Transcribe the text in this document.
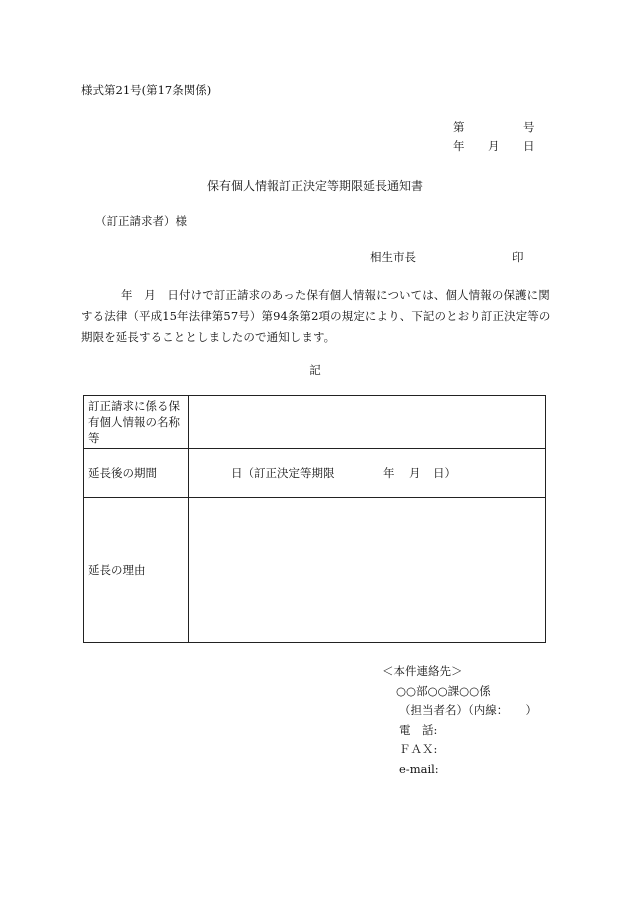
様式第21号(第17条関係)
第	号
年 月 日
保有個人情報訂正決定等期限延長通知書
（訂正請求者）様
相生市長	印
年　月　日付けで訂正請求のあった保有個人情報については、個人情報の保護に関する法律（平成15年法律第57号）第94条第2項の規定により、下記のとおり訂正決定等の期限を延長することとしましたので通知します。
記
訂正請求に係る保有個人情報の名称等	
延長後の期間	日（訂正決定等期限 年 月 日）

延長の理由	
＜本件連絡先＞
○○部○○課○○係
（担当者名）（内線：　　）
電　話:
ＦＡＸ:
e-mail:
